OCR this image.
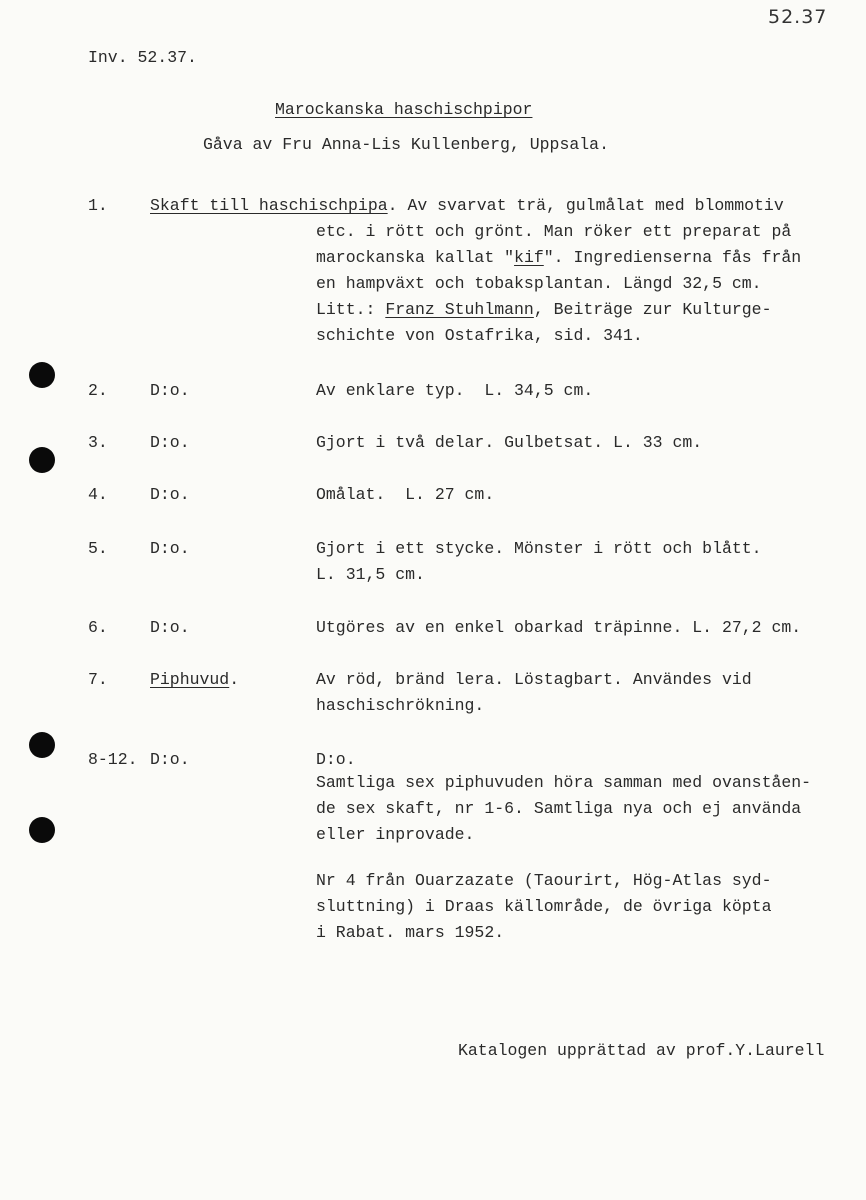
52.37
Inv. 52.37.
Marockanska haschischpipor
Gåva av Fru Anna-Lis Kullenberg, Uppsala.
1.	Skaft till haschischpipa. Av svarvat trä, gulmålat med blommotiv
etc. i rött och grönt. Man röker ett preparat på
marockanska kallat "kif". Ingredienserna fås från
en hampväxt och tobaksplantan. Längd 32,5 cm.
Litt.: Franz Stuhlmann, Beiträge zur Kulturge-
schichte von Ostafrika, sid. 341.
2.	D:o.	Av enklare typ.  L. 34,5 cm.
3.	D:o.	Gjort i två delar. Gulbetsat. L. 33 cm.
4.	D:o.	Omålat.  L. 27 cm.
5.	D:o.	Gjort i ett stycke. Mönster i rött och blått.
L. 31,5 cm.
6.	D:o.	Utgöres av en enkel obarkad träpinne. L. 27,2 cm.
7.	Piphuvud.	Av röd, bränd lera. Löstagbart. Användes vid
haschischrökning.
8-12. D:o.	D:o.
Samtliga sex piphuvuden höra samman med ovanståen-
de sex skaft, nr 1-6. Samtliga nya och ej använda
eller inprovade.
Nr 4 från Ouarzazate (Taourirt, Hög-Atlas syd-
sluttning) i Draas källområde, de övriga köpta
i Rabat. mars 1952.
Katalogen upprättad av prof.Y.Laurell
